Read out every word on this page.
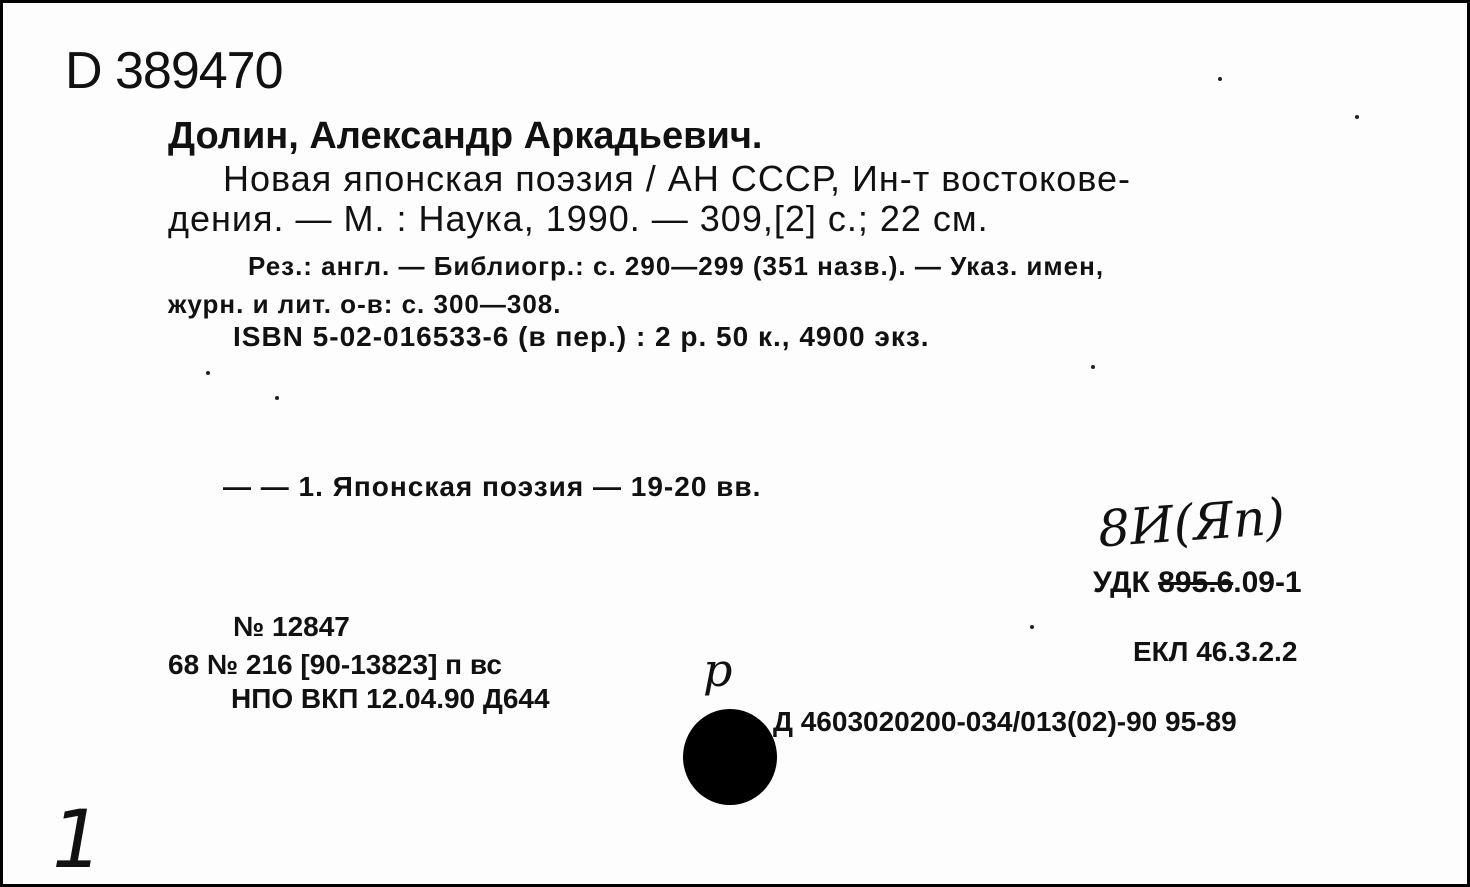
D 389470
Долин, Александр Аркадьевич.
Новая японская поэзия / АН СССР, Ин-т востокове-
дения. — М. : Наука, 1990. — 309,[2] с.; 22 см.
Рез.: англ. — Библиогр.: с. 290—299 (351 назв.). — Указ. имен,
журн. и лит. о-в: с. 300—308.
ISBN 5-02-016533-6 (в пер.) : 2 р. 50 к., 4900 экз.
— — 1. Японская поэзия — 19-20 вв.
8И(Яп)
УДК 895.6.09-1
ЕКЛ 46.3.2.2
Д 4603020200-034/013(02)-90 95-89
№ 12847
68 № 216 [90-13823] п вс
НПО ВКП 12.04.90 Д644
р
1
